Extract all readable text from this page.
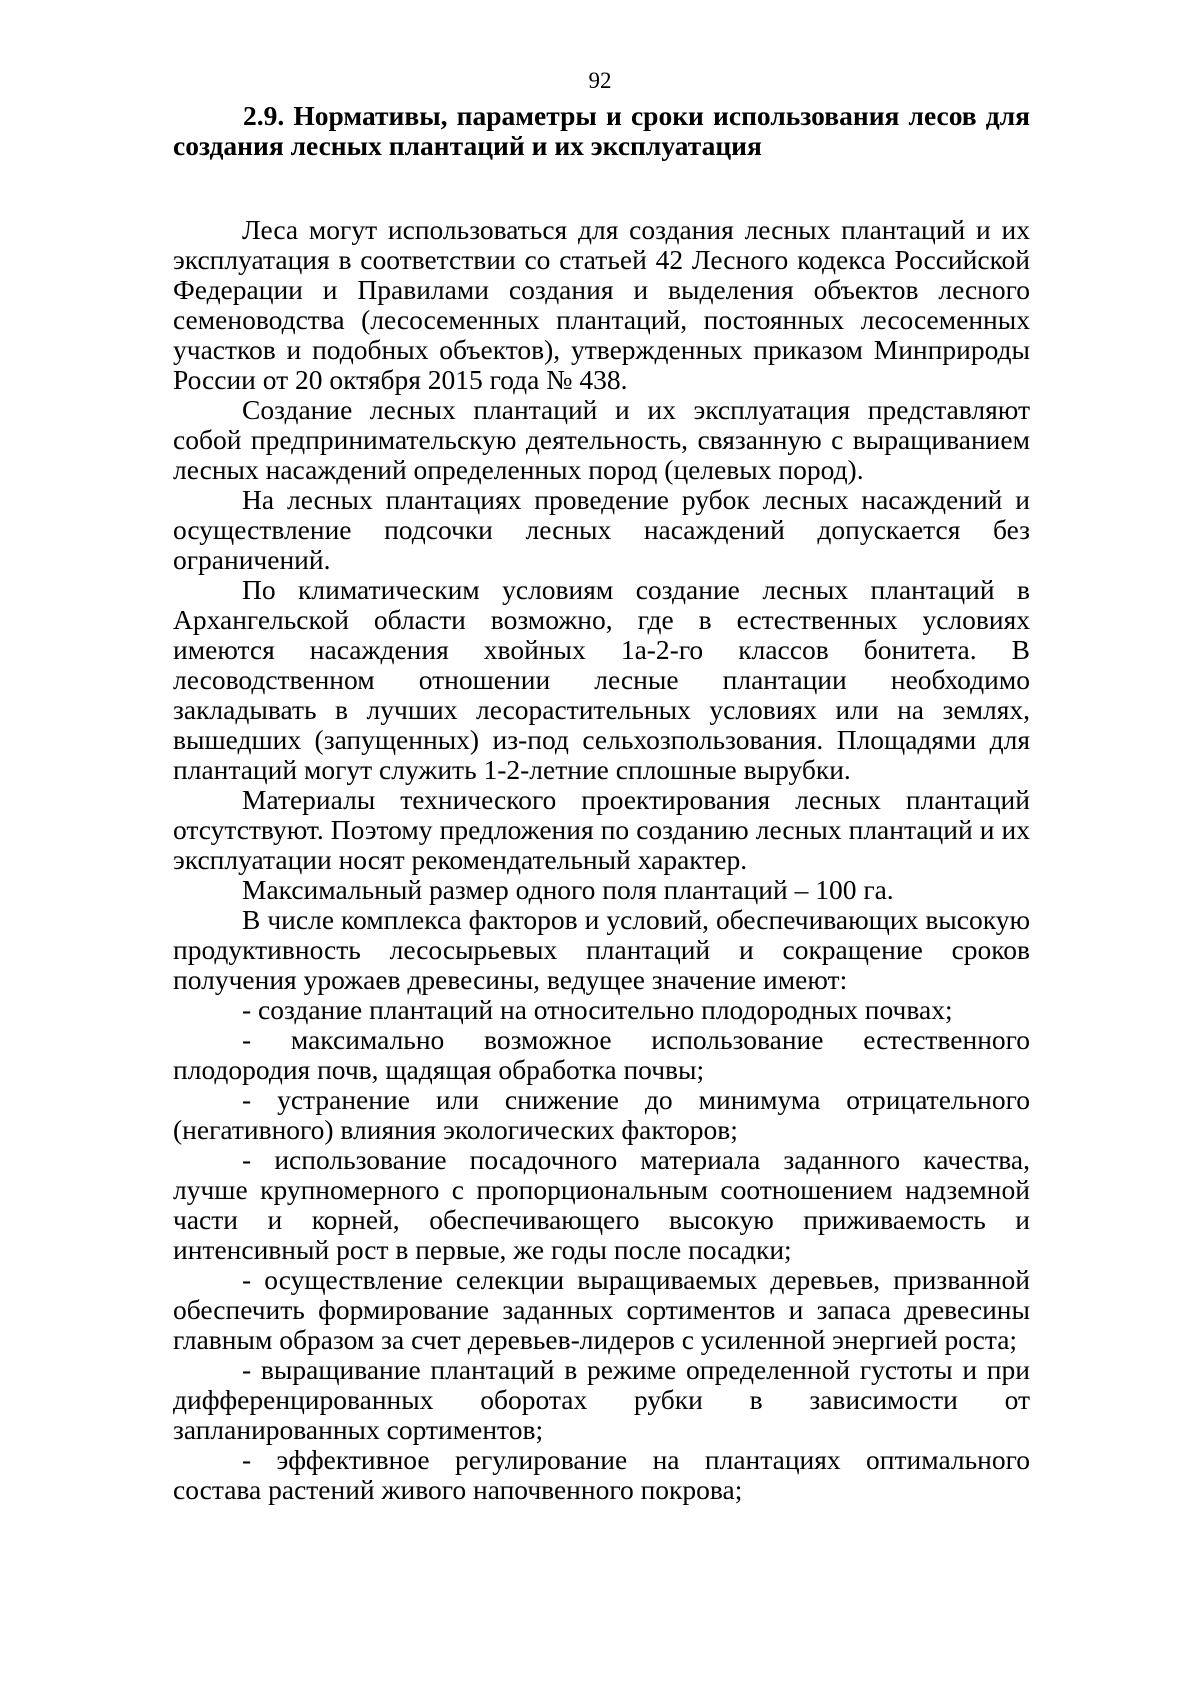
92
2.9. Нормативы, параметры и сроки использования лесов для создания лесных плантаций и их эксплуатация

Леса могут использоваться для создания лесных плантаций и их эксплуатация в соответствии со статьей 42 Лесного кодекса Российской Федерации и Правилами создания и выделения объектов лесного семеноводства (лесосеменных плантаций, постоянных лесосеменных участков и подобных объектов), утвержденных приказом Минприроды России от 20 октября 2015 года № 438.

Создание лесных плантаций и их эксплуатация представляют собой предпринимательскую деятельность, связанную с выращиванием лесных насаждений определенных пород (целевых пород).

На лесных плантациях проведение рубок лесных насаждений и осуществление подсочки лесных насаждений допускается без ограничений.

По климатическим условиям создание лесных плантаций в Архангельской области возможно, где в естественных условиях имеются насаждения хвойных 1а-2-го классов бонитета. В лесоводственном отношении лесные плантации необходимо закладывать в лучших лесорастительных условиях или на землях, вышедших (запущенных) из-под сельхозпользования. Площадями для плантаций могут служить 1-2-летние сплошные вырубки.

Материалы технического проектирования лесных плантаций отсутствуют. Поэтому предложения по созданию лесных плантаций и их эксплуатации носят рекомендательный характер.

Максимальный размер одного поля плантаций – 100 га.

В числе комплекса факторов и условий, обеспечивающих высокую продуктивность лесосырьевых плантаций и сокращение сроков получения урожаев древесины, ведущее значение имеют:

- создание плантаций на относительно плодородных почвах;

- максимально возможное использование естественного плодородия почв, щадящая обработка почвы;

- устранение или снижение до минимума отрицательного (негативного) влияния экологических факторов;

- использование посадочного материала заданного качества, лучше крупномерного с пропорциональным соотношением надземной части и корней, обеспечивающего высокую приживаемость и интенсивный рост в первые, же годы после посадки;

- осуществление селекции выращиваемых деревьев, призванной обеспечить формирование заданных сортиментов и запаса древесины главным образом за счет деревьев-лидеров с усиленной энергией роста;

- выращивание плантаций в режиме определенной густоты и при дифференцированных оборотах рубки в зависимости от запланированных сортиментов;

- эффективное регулирование на плантациях оптимального состава растений живого напочвенного покрова;
